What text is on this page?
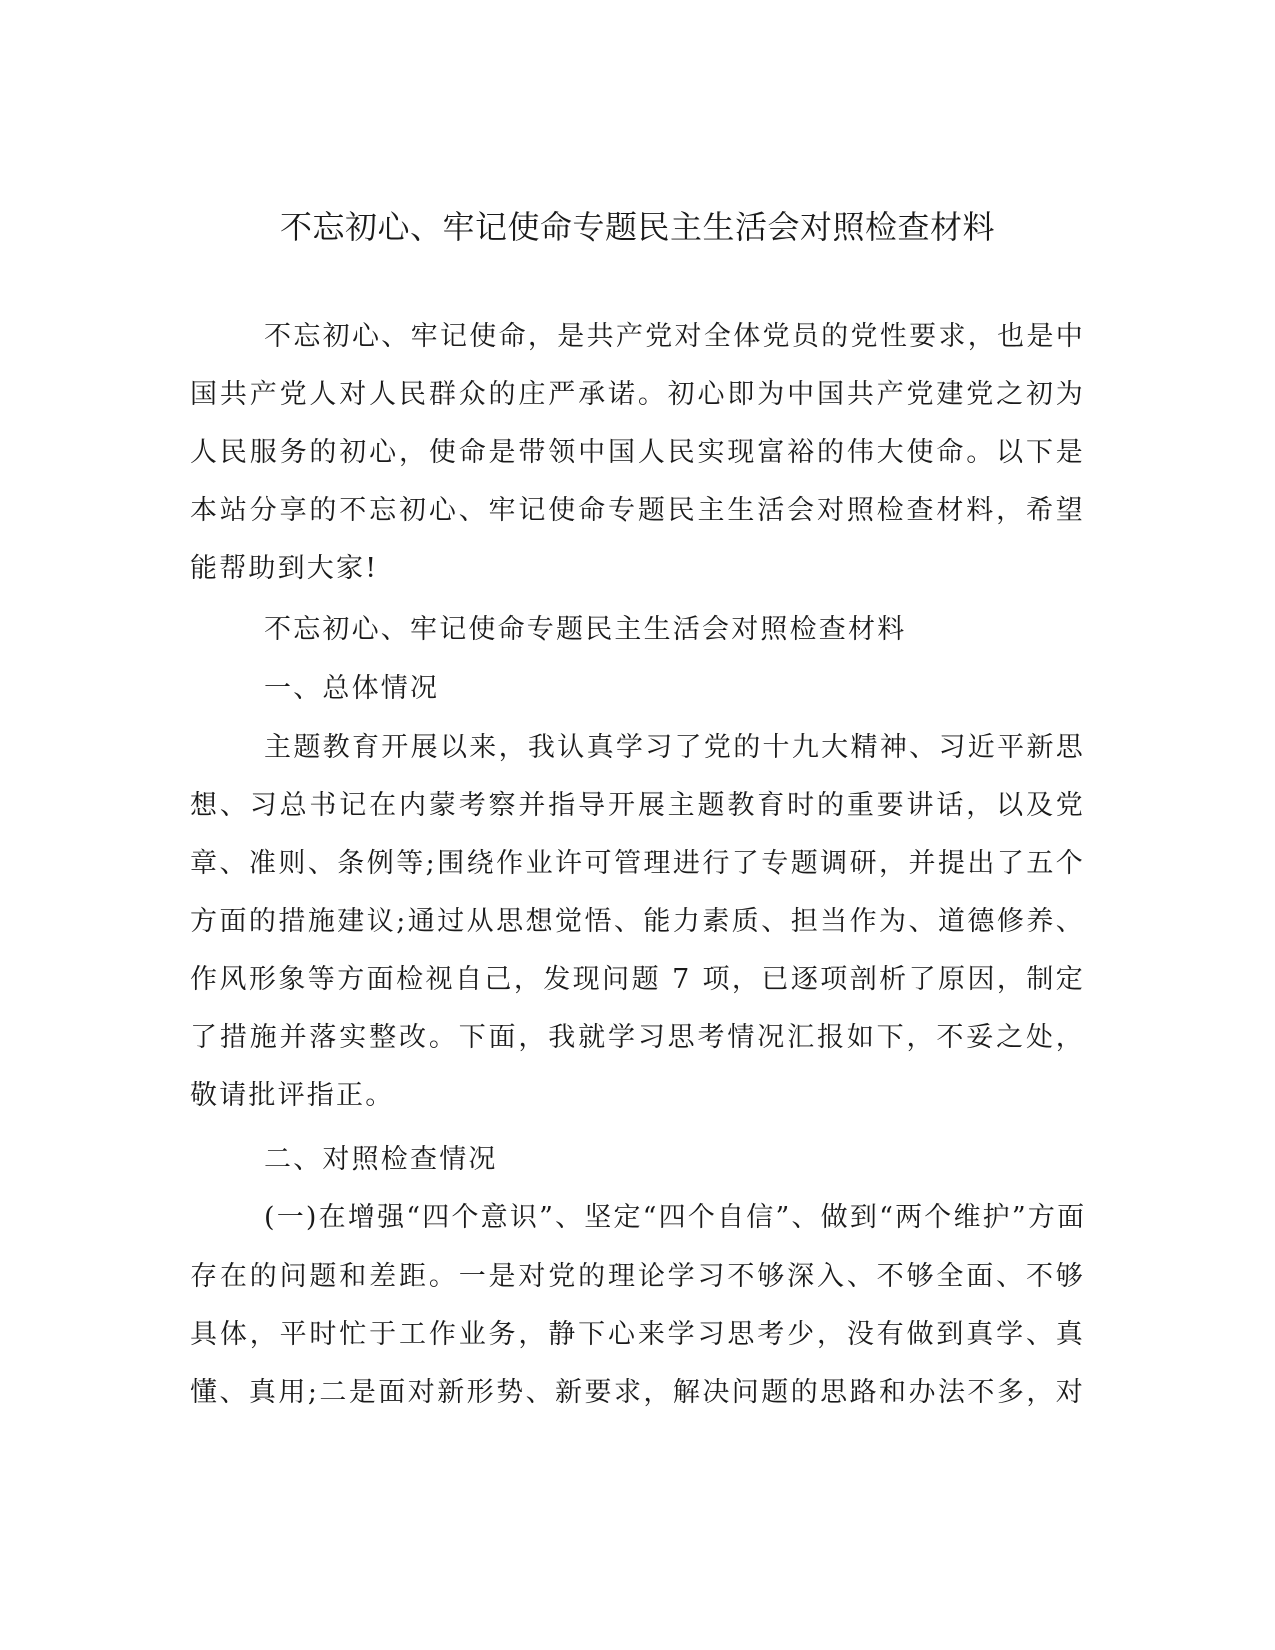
不忘初心、牢记使命专题民主生活会对照检查材料

不忘初心、牢记使命，是共产党对全体党员的党性要求，也是中

国共产党人对人民群众的庄严承诺。初心即为中国共产党建党之初为

人民服务的初心，使命是带领中国人民实现富裕的伟大使命。以下是

本站分享的不忘初心、牢记使命专题民主生活会对照检查材料，希望

能帮助到大家!

不忘初心、牢记使命专题民主生活会对照检查材料

一、总体情况

主题教育开展以来，我认真学习了党的十九大精神、习近平新思

想、习总书记在内蒙考察并指导开展主题教育时的重要讲话，以及党

章、准则、条例等;围绕作业许可管理进行了专题调研，并提出了五个

方面的措施建议;通过从思想觉悟、能力素质、担当作为、道德修养、

作风形象等方面检视自己，发现问题 7 项，已逐项剖析了原因，制定

了措施并落实整改。下面，我就学习思考情况汇报如下，不妥之处，

敬请批评指正。

二、对照检查情况

(一)在增强“四个意识”、坚定“四个自信”、做到“两个维护”方面

存在的问题和差距。一是对党的理论学习不够深入、不够全面、不够

具体，平时忙于工作业务，静下心来学习思考少，没有做到真学、真

懂、真用;二是面对新形势、新要求，解决问题的思路和办法不多，对
